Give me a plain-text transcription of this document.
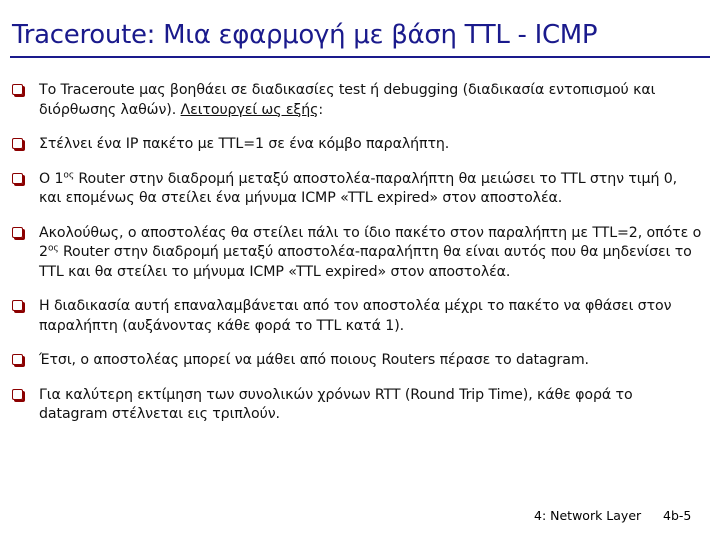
Traceroute: Μια εφαρμογή με βάση TTL - ICMP
Το Traceroute μας βοηθάει σε διαδικασίες test ή debugging (διαδικασία εντοπισμού και διόρθωσης λαθών). Λειτουργεί ως εξής:
Στέλνει ένα IP πακέτο με TTL=1 σε ένα κόμβο παραλήπτη.
Ο $1^{o\varsigma}$ Router στην διαδρομή μεταξύ αποστολέα-παραλήπτη θα μειώσει το TTL στην τιμή 0, και επομένως θα στείλει ένα μήνυμα ICMP «TTL expired» στον αποστολέα.
Ακολούθως, ο αποστολέας θα στείλει πάλι το ίδιο πακέτο στον παραλήπτη με TTL=2, οπότε ο $2^{o\varsigma}$ Router στην διαδρομή μεταξύ αποστολέα-παραλήπτη θα είναι αυτός που θα μηδενίσει το TTL και θα στείλει το μήνυμα ICMP «TTL expired» στον αποστολέα.
Η διαδικασία αυτή επαναλαμβάνεται από τον αποστολέα μέχρι το πακέτο να φθάσει στον παραλήπτη (αυξάνοντας κάθε φορά το TTL κατά 1).
Έτσι, ο αποστολέας μπορεί να μάθει από ποιους Routers πέρασε το datagram.
Για καλύτερη εκτίμηση των συνολικών χρόνων RTT (Round Trip Time), κάθε φορά το datagram στέλνεται εις τριπλούν.
4: Network Layer 4b-5
